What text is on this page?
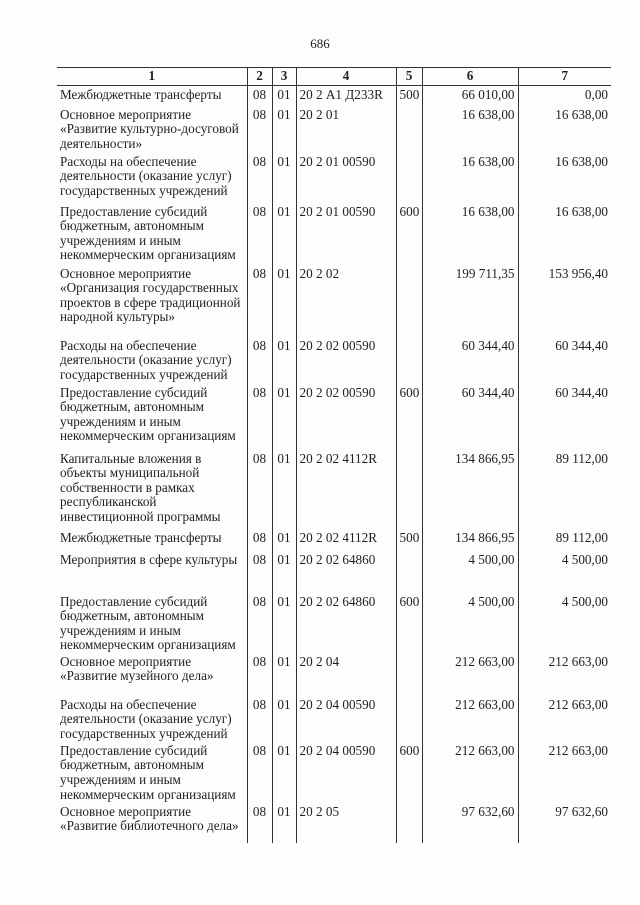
686
1	2	3	4	5	6	7
Межбюджетные трансферты	08	01	20 2 А1 Д233R	500	66 010,00	0,00
Основное мероприятие «Развитие культурно-досуговой деятельности»	08	01	20 2 01		16 638,00	16 638,00
Расходы на обеспечение деятельности (оказание услуг) государственных учреждений	08	01	20 2 01 00590		16 638,00	16 638,00
Предоставление субсидий бюджетным, автономным учреждениям и иным некоммерческим организациям	08	01	20 2 01 00590	600	16 638,00	16 638,00
Основное мероприятие «Организация государственных проектов в сфере традиционной народной культуры»	08	01	20 2 02		199 711,35	153 956,40
Расходы на обеспечение деятельности (оказание услуг) государственных учреждений	08	01	20 2 02 00590		60 344,40	60 344,40
Предоставление субсидий бюджетным, автономным учреждениям и иным некоммерческим организациям	08	01	20 2 02 00590	600	60 344,40	60 344,40
Капитальные вложения в объекты муниципальной собственности в рамках республиканской инвестиционной программы	08	01	20 2 02 4112R		134 866,95	89 112,00
Межбюджетные трансферты	08	01	20 2 02 4112R	500	134 866,95	89 112,00
Мероприятия в сфере культуры	08	01	20 2 02 64860		4 500,00	4 500,00
Предоставление субсидий бюджетным, автономным учреждениям и иным некоммерческим организациям	08	01	20 2 02 64860	600	4 500,00	4 500,00
Основное мероприятие «Развитие музейного дела»	08	01	20 2 04		212 663,00	212 663,00
Расходы на обеспечение деятельности (оказание услуг) государственных учреждений	08	01	20 2 04 00590		212 663,00	212 663,00
Предоставление субсидий бюджетным, автономным учреждениям и иным некоммерческим организациям	08	01	20 2 04 00590	600	212 663,00	212 663,00
Основное мероприятие «Развитие библиотечного дела»	08	01	20 2 05		97 632,60	97 632,60
